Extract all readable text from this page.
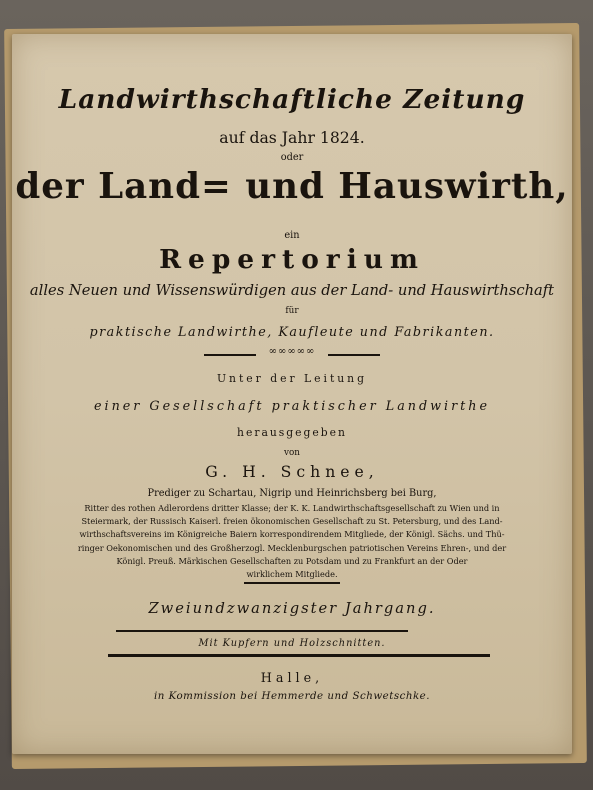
Landwirthschaftliche Zeitung
auf das Jahr 1824.
oder
der Land= und Hauswirth,
ein
Repertorium
alles Neuen und Wissenswürdigen aus der Land- und Hauswirthschaft
für
praktische Landwirthe, Kaufleute und Fabrikanten.
∞∞∞∞∞
Unter der Leitung
einer Gesellschaft praktischer Landwirthe
herausgegeben
von
G. H. Schnee,
Prediger zu Schartau, Nigrip und Heinrichsberg bei Burg,
Ritter des rothen Adlerordens dritter Klasse; der K. K. Landwirthschaftsgesellschaft zu Wien und in
Steiermark, der Russisch Kaiserl. freien ökonomischen Gesellschaft zu St. Petersburg, und des Land-
wirthschaftsvereins im Königreiche Baiern korrespondirendem Mitgliede, der Königl. Sächs. und Thü-
ringer Oekonomischen und des Großherzogl. Mecklenburgschen patriotischen Vereins Ehren-, und der
Königl. Preuß. Märkischen Gesellschaften zu Potsdam und zu Frankfurt an der Oder
wirklichem Mitgliede.
Zweiundzwanzigster Jahrgang.
Mit Kupfern und Holzschnitten.
Halle,
in Kommission bei Hemmerde und Schwetschke.
